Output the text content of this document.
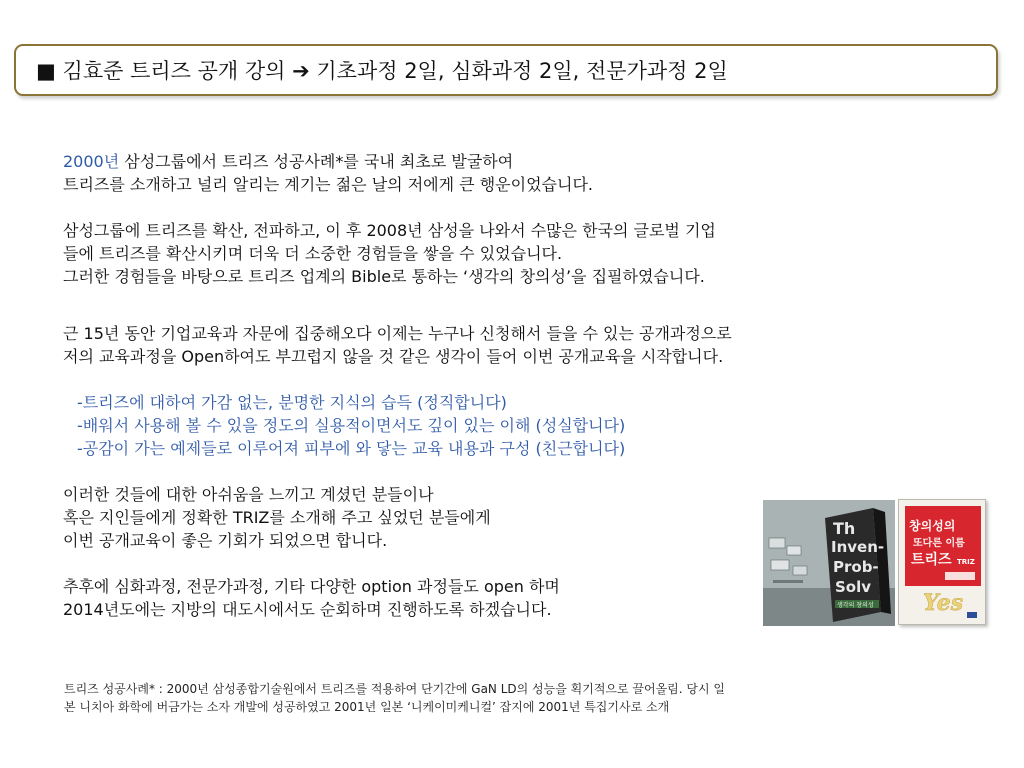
■ 김효준 트리즈 공개 강의 ➔ 기초과정 2일, 심화과정 2일, 전문가과정 2일

2000년 삼성그룹에서 트리즈 성공사례*를 국내 최초로 발굴하여
트리즈를 소개하고 널리 알리는 계기는 젊은 날의 저에게 큰 행운이었습니다.

삼성그룹에 트리즈를 확산, 전파하고, 이 후 2008년 삼성을 나와서 수많은 한국의 글로벌 기업
들에 트리즈를 확산시키며 더욱 더 소중한 경험들을 쌓을 수 있었습니다.
그러한 경험들을 바탕으로 트리즈 업계의 Bible로 통하는 ‘생각의 창의성’을 집필하였습니다.

근 15년 동안 기업교육과 자문에 집중해오다 이제는 누구나 신청해서 들을 수 있는 공개과정으로
저의 교육과정을 Open하여도 부끄럽지 않을 것 같은 생각이 들어 이번 공개교육을 시작합니다.

-트리즈에 대하여 가감 없는, 분명한 지식의 습득 (정직합니다)
-배워서 사용해 볼 수 있을 정도의 실용적이면서도 깊이 있는 이해 (성실합니다)
-공감이 가는 예제들로 이루어져 피부에 와 닿는 교육 내용과 구성 (친근합니다)

이러한 것들에 대한 아쉬움을 느끼고 계셨던 분들이나
혹은 지인들에게 정확한 TRIZ를 소개해 주고 싶었던 분들에게
이번 공개교육이 좋은 기회가 되었으면 합니다.

추후에 심화과정, 전문가과정, 기타 다양한 option 과정들도 open 하며
2014년도에는 지방의 대도시에서도 순회하며 진행하도록 하겠습니다.

Th
Inven-
Prob-
Solv
생각의 창의성
창의성의
또다른 이름
트리즈 TRIZ
Yes
트리즈 성공사례* : 2000년 삼성종합기술원에서 트리즈를 적용하여 단기간에 GaN LD의 성능을 획기적으로 끌어올림. 당시 일
본 니치아 화학에 버금가는 소자 개발에 성공하였고 2001년 일본 ‘니케이미케니컬’ 잡지에 2001년 특집기사로 소개
